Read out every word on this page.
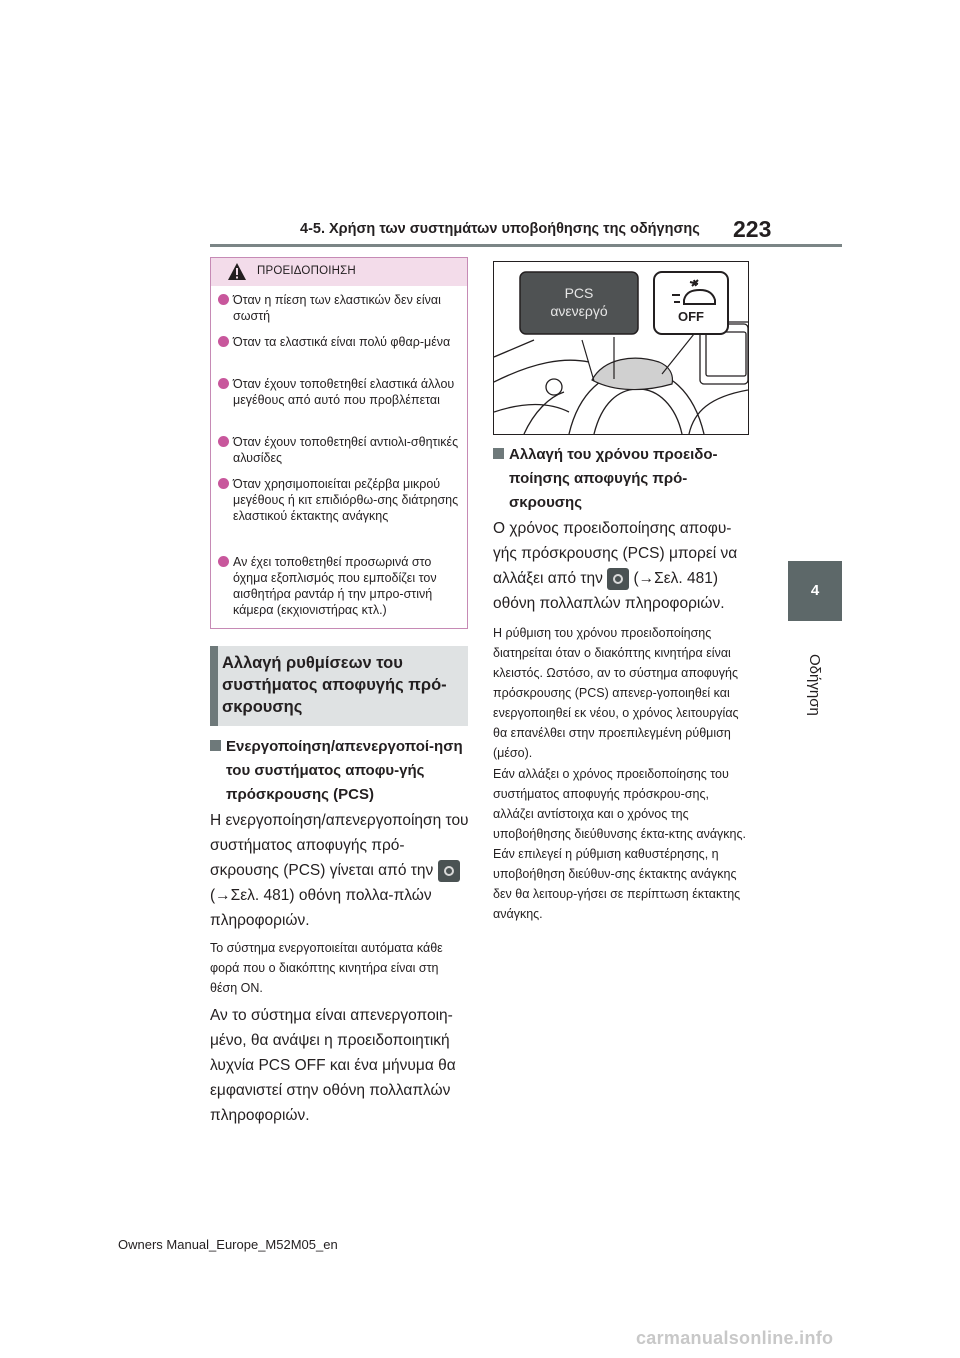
4-5. Χρήση των συστημάτων υποβοήθησης της οδήγησης 223
4
Οδήγηση
ΠΡΟΕΙΔΟΠΟΙΗΣΗ
Όταν η πίεση των ελαστικών δεν είναι σωστή
Όταν τα ελαστικά είναι πολύ φθαρ-μένα
Όταν έχουν τοποθετηθεί ελαστικά άλλου μεγέθους από αυτό που προβλέπεται
Όταν έχουν τοποθετηθεί αντιολι-σθητικές αλυσίδες
Όταν χρησιμοποιείται ρεζέρβα μικρού μεγέθους ή κιτ επιδιόρθω-σης διάτρησης ελαστικού έκτακτης ανάγκης
Αν έχει τοποθετηθεί προσωρινά στο όχημα εξοπλισμός που εμποδίζει τον αισθητήρα ραντάρ ή την μπρο-στινή κάμερα (εκχιονιστήρας κτλ.)
Αλλαγή ρυθμίσεων του συστήματος αποφυγής πρό-σκρουσης
Ενεργοποίηση/απενεργοποί-ηση του συστήματος αποφυ-γής πρόσκρουσης (PCS)
Η ενεργοποίηση/απενεργοποίηση του συστήματος αποφυγής πρό-σκρουσης (PCS) γίνεται από την  (→Σελ. 481) οθόνη πολλα-πλών πληροφοριών.
Το σύστημα ενεργοποιείται αυτόματα κάθε φορά που ο διακόπτης κινητήρα είναι στη θέση ON.
Αν το σύστημα είναι απενεργοποιη-μένο, θα ανάψει η προειδοποιητική λυχνία PCS OFF και ένα μήνυμα θα εμφανιστεί στην οθόνη πολλαπλών πληροφοριών.
PCS
ανενεργό	OFF
Αλλαγή του χρόνου προειδο-ποίησης αποφυγής πρό-σκρουσης
Ο χρόνος προειδοποίησης αποφυ-γής πρόσκρουσης (PCS) μπορεί να αλλάξει από την (→Σελ. 481) οθόνη πολλαπλών πληροφοριών.
Η ρύθμιση του χρόνου προειδοποίησης διατηρείται όταν ο διακόπτης κινητήρα είναι κλειστός. Ωστόσο, αν το σύστημα αποφυγής πρόσκρουσης (PCS) απενερ-γοποιηθεί και ενεργοποιηθεί εκ νέου, ο χρόνος λειτουργίας θα επανέλθει στην προεπιλεγμένη ρύθμιση (μέσο).
Εάν αλλάξει ο χρόνος προειδοποίησης του συστήματος αποφυγής πρόσκρου-σης, αλλάζει αντίστοιχα και ο χρόνος της υποβοήθησης διεύθυνσης έκτα-κτης ανάγκης. Εάν επιλεγεί η ρύθμιση καθυστέρησης, η υποβοήθηση διεύθυν-σης έκτακτης ανάγκης δεν θα λειτουρ-γήσει σε περίπτωση έκτακτης ανάγκης.
Owners Manual_Europe_M52M05_en
carmanualsonline.info
